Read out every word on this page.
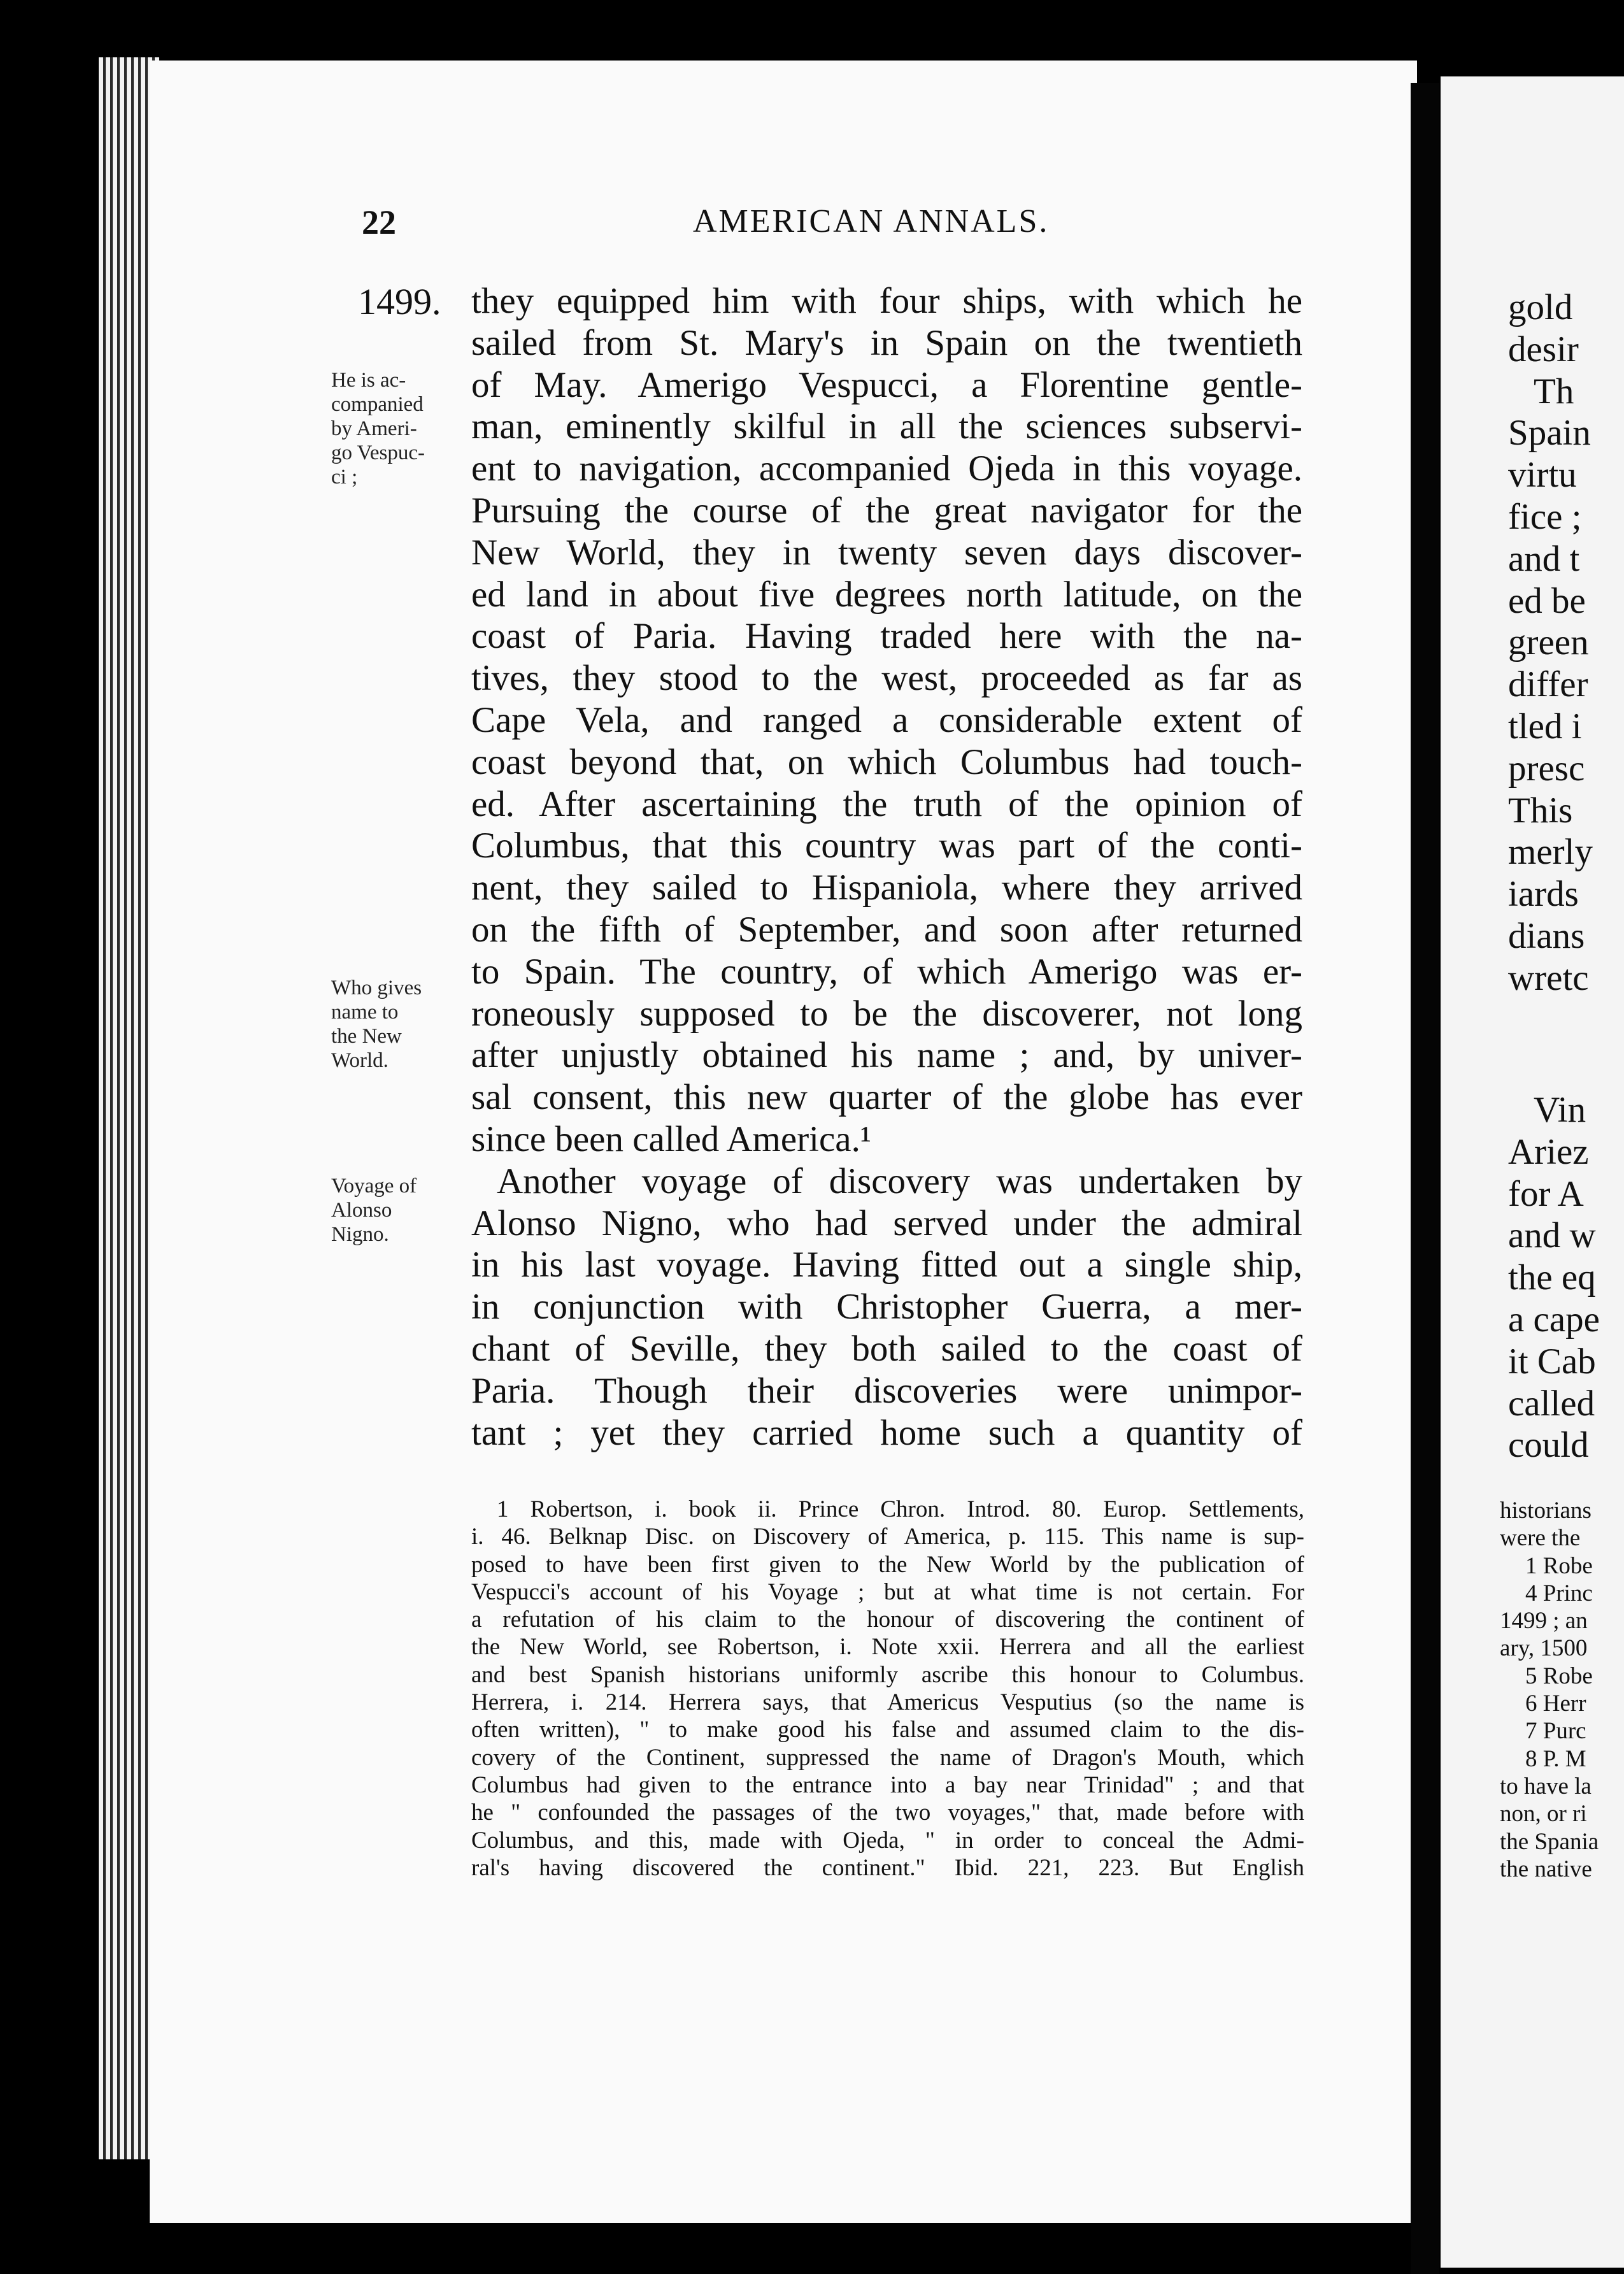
22	AMERICAN ANNALS.
1499.
He is ac-
companied
by Ameri-
go Vespuc-
ci ;
Who gives
name to
the New
World.
Voyage of
Alonso
Nigno.
they equipped him with four ships, with which he
sailed from St. Mary's in Spain on the twentieth
of May. Amerigo Vespucci, a Florentine gentle-
man, eminently skilful in all the sciences subservi-
ent to navigation, accompanied Ojeda in this voyage.
Pursuing the course of the great navigator for the
New World, they in twenty seven days discover-
ed land in about five degrees north latitude, on the
coast of Paria. Having traded here with the na-
tives, they stood to the west, proceeded as far as
Cape Vela, and ranged a considerable extent of
coast beyond that, on which Columbus had touch-
ed. After ascertaining the truth of the opinion of
Columbus, that this country was part of the conti-
nent, they sailed to Hispaniola, where they arrived
on the fifth of September, and soon after returned
to Spain. The country, of which Amerigo was er-
roneously supposed to be the discoverer, not long
after unjustly obtained his name ; and, by univer-
sal consent, this new quarter of the globe has ever
since been called America.¹
Another voyage of discovery was undertaken by
Alonso Nigno, who had served under the admiral
in his last voyage. Having fitted out a single ship,
in conjunction with Christopher Guerra, a mer-
chant of Seville, they both sailed to the coast of
Paria. Though their discoveries were unimpor-
tant ; yet they carried home such a quantity of
1 Robertson, i. book ii. Prince Chron. Introd. 80. Europ. Settlements,
i. 46. Belknap Disc. on Discovery of America, p. 115. This name is sup-
posed to have been first given to the New World by the publication of
Vespucci's account of his Voyage ; but at what time is not certain. For
a refutation of his claim to the honour of discovering the continent of
the New World, see Robertson, i. Note xxii. Herrera and all the earliest
and best Spanish historians uniformly ascribe this honour to Columbus.
Herrera, i. 214. Herrera says, that Americus Vesputius (so the name is
often written), " to make good his false and assumed claim to the dis-
covery of the Continent, suppressed the name of Dragon's Mouth, which
Columbus had given to the entrance into a bay near Trinidad" ; and that
he " confounded the passages of the two voyages," that, made before with
Columbus, and this, made with Ojeda, " in order to conceal the Admi-
ral's having discovered the continent." Ibid. 221, 223. But English
gold
desir
Th
Spain
virtu
fice ;
and t
ed be
green
differ
tled i
presc
This
merly
iards
dians
wretc
Vin
Ariez
for A
and w
the eq
a cape
it Cab
called
could
historians
were the
1 Robe
4 Princ
1499 ; an
ary, 1500
5 Robe
6 Herr
7 Purc
8 P. M
to have la
non, or ri
the Spania
the native
